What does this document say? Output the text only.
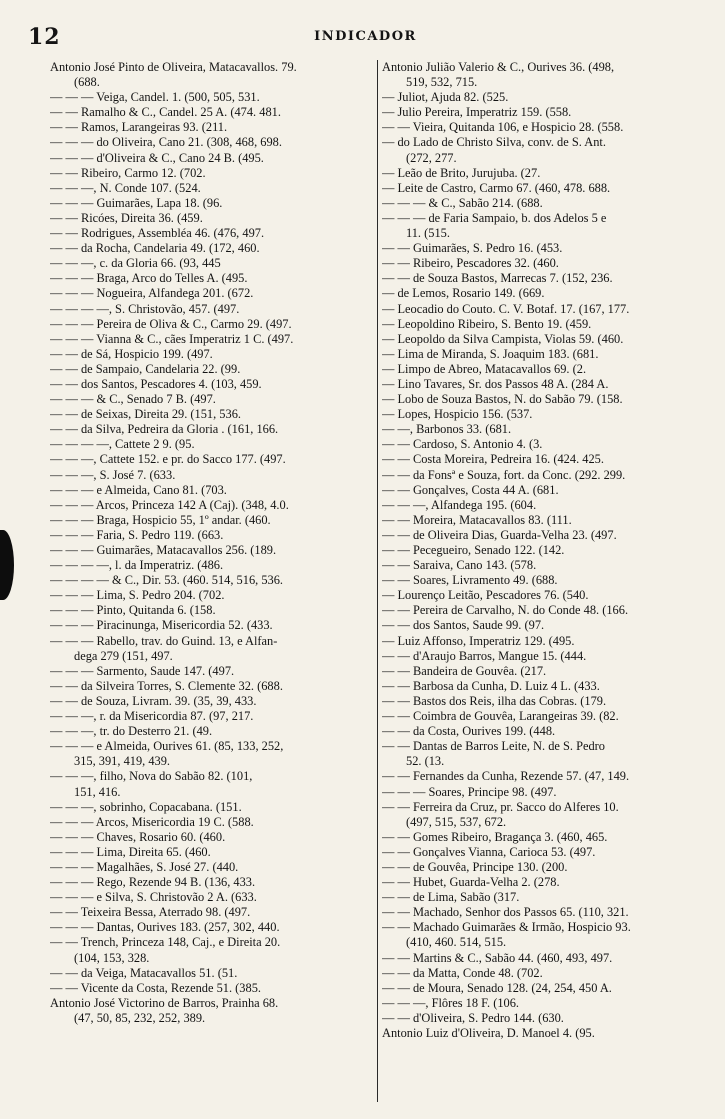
12	INDICADOR
Antonio José Pinto de Oliveira, Matacavallos. 79.
(688.
— — — Veiga, Candel. 1. (500, 505, 531.
— — Ramalho & C., Candel. 25 A. (474. 481.
— — Ramos, Larangeiras 93. (211.
— — — do Oliveira, Cano 21. (308, 468, 698.
— — — d'Oliveira & C., Cano 24 B. (495.
— — Ribeiro, Carmo 12. (702.
— — —, N. Conde 107. (524.
— — — Guimarães, Lapa 18. (96.
— — Ricóes, Direita 36. (459.
— — Rodrigues, Assembléa 46. (476, 497.
— — da Rocha, Candelaria 49. (172, 460.
— — —, c. da Gloria 66. (93, 445
— — — Braga, Arco do Telles A. (495.
— — — Nogueira, Alfandega 201. (672.
— — — —, S. Christovão, 457. (497.
— — — Pereira de Oliva & C., Carmo 29. (497.
— — — Vianna & C., cães Imperatriz 1 C. (497.
— — de Sá, Hospicio 199. (497.
— — de Sampaio, Candelaria 22. (99.
— — dos Santos, Pescadores 4. (103, 459.
— — — & C., Senado 7 B. (497.
— — de Seixas, Direita 29. (151, 536.
— — da Silva, Pedreira da Gloria . (161, 166.
— — — —, Cattete 2 9. (95.
— — —, Cattete 152. e pr. do Sacco 177. (497.
— — —, S. José 7. (633.
— — — e Almeida, Cano 81. (703.
— — — Arcos, Princeza 142 A (Caj). (348, 4.0.
— — — Braga, Hospicio 55, 1º andar. (460.
— — — Faria, S. Pedro 119. (663.
— — — Guimarães, Matacavallos 256. (189.
— — — —, l. da Imperatriz. (486.
— — — — & C., Dir. 53. (460. 514, 516, 536.
— — — Lima, S. Pedro 204. (702.
— — — Pinto, Quitanda 6. (158.
— — — Piracinunga, Misericordia 52. (433.
— — — Rabello, trav. do Guind. 13, e Alfan-
dega 279 (151, 497.
— — — Sarmento, Saude 147. (497.
— — da Silveira Torres, S. Clemente 32. (688.
— — de Souza, Livram. 39. (35, 39, 433.
— — —, r. da Misericordia 87. (97, 217.
— — —, tr. do Desterro 21. (49.
— — — e Almeida, Ourives 61. (85, 133, 252,
315, 391, 419, 439.
— — —, filho, Nova do Sabão 82. (101,
151, 416.
— — —, sobrinho, Copacabana. (151.
— — — Arcos, Misericordia 19 C. (588.
— — — Chaves, Rosario 60. (460.
— — — Lima, Direita 65. (460.
— — — Magalhães, S. José 27. (440.
— — — Rego, Rezende 94 B. (136, 433.
— — — e Silva, S. Christovão 2 A. (633.
— — Teixeira Bessa, Aterrado 98. (497.
— — — Dantas, Ourives 183. (257, 302, 440.
— — Trench, Princeza 148, Caj., e Direita 20.
(104, 153, 328.
— — da Veiga, Matacavallos 51. (51.
— — Vicente da Costa, Rezende 51. (385.
Antonio José Victorino de Barros, Prainha 68.
(47, 50, 85, 232, 252, 389.
Antonio Julião Valerio & C., Ourives 36. (498,
519, 532, 715.
— Juliot, Ajuda 82. (525.
— Julio Pereira, Imperatriz 159. (558.
— — Vieira, Quitanda 106, e Hospicio 28. (558.
— do Lado de Christo Silva, conv. de S. Ant.
(272, 277.
— Leão de Brito, Jurujuba. (27.
— Leite de Castro, Carmo 67. (460, 478. 688.
— — — & C., Sabão 214. (688.
— — — de Faria Sampaio, b. dos Adelos 5 e
11. (515.
— — Guimarães, S. Pedro 16. (453.
— — Ribeiro, Pescadores 32. (460.
— — de Souza Bastos, Marrecas 7. (152, 236.
— de Lemos, Rosario 149. (669.
— Leocadio do Couto. C. V. Botaf. 17. (167, 177.
— Leopoldino Ribeiro, S. Bento 19. (459.
— Leopoldo da Silva Campista, Violas 59. (460.
— Lima de Miranda, S. Joaquim 183. (681.
— Limpo de Abreo, Matacavallos 69. (2.
— Lino Tavares, Sr. dos Passos 48 A. (284 A.
— Lobo de Souza Bastos, N. do Sabão 79. (158.
— Lopes, Hospicio 156. (537.
— —, Barbonos 33. (681.
— — Cardoso, S. Antonio 4. (3.
— — Costa Moreira, Pedreira 16. (424. 425.
— — da Fonsª e Souza, fort. da Conc. (292. 299.
— — Gonçalves, Costa 44 A. (681.
— — —, Alfandega 195. (604.
— — Moreira, Matacavallos 83. (111.
— — de Oliveira Dias, Guarda-Velha 23. (497.
— — Pecegueiro, Senado 122. (142.
— — Saraiva, Cano 143. (578.
— — Soares, Livramento 49. (688.
— Lourenço Leitão, Pescadores 76. (540.
— — Pereira de Carvalho, N. do Conde 48. (166.
— — dos Santos, Saude 99. (97.
— Luiz Affonso, Imperatriz 129. (495.
— — d'Araujo Barros, Mangue 15. (444.
— — Bandeira de Gouvêa. (217.
— — Barbosa da Cunha, D. Luiz 4 L. (433.
— — Bastos dos Reis, ilha das Cobras. (179.
— — Coimbra de Gouvêa, Larangeiras 39. (82.
— — da Costa, Ourives 199. (448.
— — Dantas de Barros Leite, N. de S. Pedro
52. (13.
— — Fernandes da Cunha, Rezende 57. (47, 149.
— — — Soares, Principe 98. (497.
— — Ferreira da Cruz, pr. Sacco do Alferes 10.
(497, 515, 537, 672.
— — Gomes Ribeiro, Bragança 3. (460, 465.
— — Gonçalves Vianna, Carioca 53. (497.
— — de Gouvêa, Principe 130. (200.
— — Hubet, Guarda-Velha 2. (278.
— — de Lima, Sabão (317.
— — Machado, Senhor dos Passos 65. (110, 321.
— — Machado Guimarães & Irmão, Hospicio 93.
(410, 460. 514, 515.
— — Martins & C., Sabão 44. (460, 493, 497.
— — da Matta, Conde 48. (702.
— — de Moura, Senado 128. (24, 254, 450 A.
— — —, Flôres 18 F. (106.
— — d'Oliveira, S. Pedro 144. (630.
Antonio Luiz d'Oliveira, D. Manoel 4. (95.
